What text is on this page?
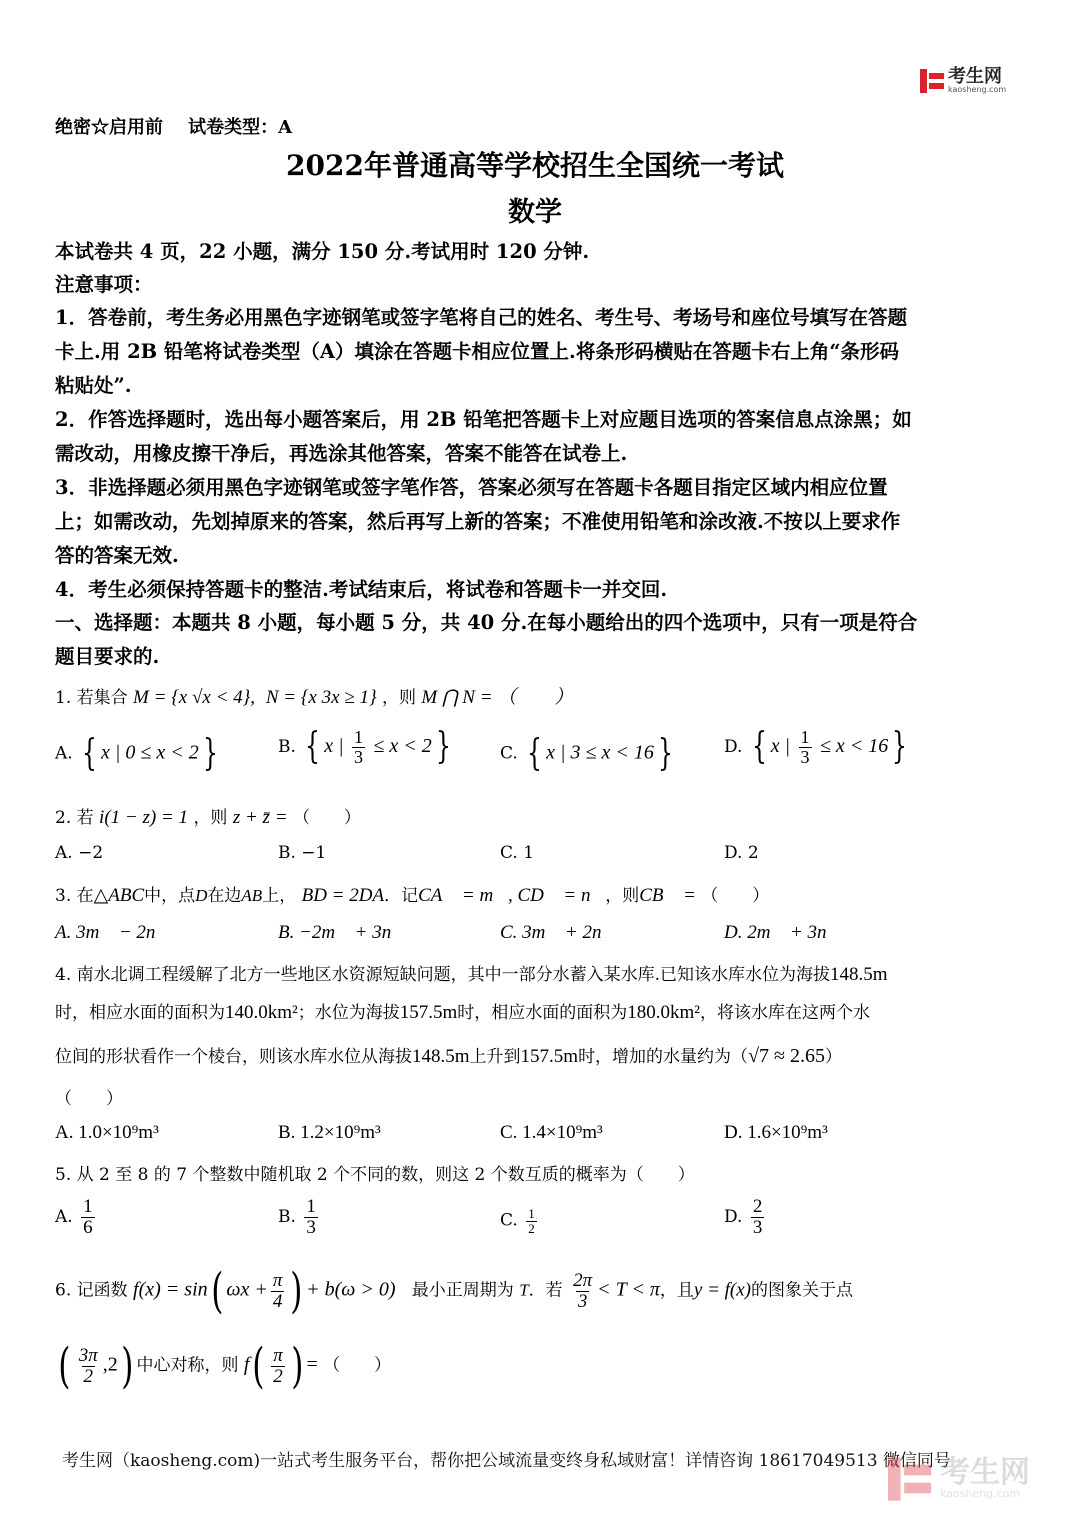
考生网
kaosheng.com
绝密☆启用前 试卷类型：A
2022年普通高等学校招生全国统一考试
数学
本试卷共 4 页，22 小题，满分 150 分.考试用时 120 分钟.
注意事项：
1．答卷前，考生务必用黑色字迹钢笔或签字笔将自己的姓名、考生号、考场号和座位号填写在答题
卡上.用 2B 铅笔将试卷类型（A）填涂在答题卡相应位置上.将条形码横贴在答题卡右上角“条形码
粘贴处”.
2．作答选择题时，选出每小题答案后，用 2B 铅笔把答题卡上对应题目选项的答案信息点涂黑；如
需改动，用橡皮擦干净后，再选涂其他答案，答案不能答在试卷上.
3．非选择题必须用黑色字迹钢笔或签字笔作答，答案必须写在答题卡各题目指定区域内相应位置
上；如需改动，先划掉原来的答案，然后再写上新的答案；不准使用铅笔和涂改液.不按以上要求作
答的答案无效.
4．考生必须保持答题卡的整洁.考试结束后，将试卷和答题卡一并交回.
一、选择题：本题共 8 小题，每小题 5 分，共 40 分.在每小题给出的四个选项中，只有一项是符合
题目要求的.
1. 若集合 M = {x √x < 4}, N = {x 3x ≥ 1} ，则 M ⋂ N = （　　）
A. { x | 0 ≤ x < 2 }	B. { x | $\frac{1}{3} \le x < 2$ }	C. { x | 3 ≤ x < 16 }	D. { x | $\frac{1}{3} \le x < 16$ }
2. 若 i(1 − z) = 1 ，则 z + z̄ = （　　）
A. −2	B. −1	C. 1	D. 2
3. 在△ABC中，点D在边AB上， BD = 2DA．记CA⃗ = m⃗, CD⃗ = n⃗，则CB⃗ = （　　）
A. 3m⃗ − 2n⃗	B. −2m⃗ + 3n⃗	C. 3m⃗ + 2n⃗	D. 2m⃗ + 3n⃗
4. 南水北调工程缓解了北方一些地区水资源短缺问题，其中一部分水蓄入某水库.已知该水库水位为海拔148.5m
时，相应水面的面积为140.0km²；水位为海拔157.5m时，相应水面的面积为180.0km²，将该水库在这两个水
位间的形状看作一个棱台，则该水库水位从海拔148.5m上升到157.5m时，增加的水量约为（√7 ≈ 2.65）
（　　）
A. 1.0×10⁹m³	B. 1.2×10⁹m³	C. 1.4×10⁹m³	D. 1.6×10⁹m³
5. 从 2 至 8 的 7 个整数中随机取 2 个不同的数，则这 2 个数互质的概率为（　　）
A. $\frac{1}{6}$	B. $\frac{1}{3}$	C. $\frac{1}{2}$	D. $\frac{2}{3}$
6. 记函数 f(x) = sin( $\omega x + \frac{\pi}{4}$ ) + b(ω > 0) 最小正周期为 T．若 $\frac{2\pi}{3} < T < \pi$，且y = f(x)的图象关于点
( $\frac{3\pi}{2} ,2$) 中心对称，则 $f( \frac{\pi}{2}$ ) = （　　）
考生网（kaosheng.com)一站式考生服务平台，帮你把公域流量变终身私域财富！详情咨询 18617049513 微信同号
考生网
kaosheng.com
